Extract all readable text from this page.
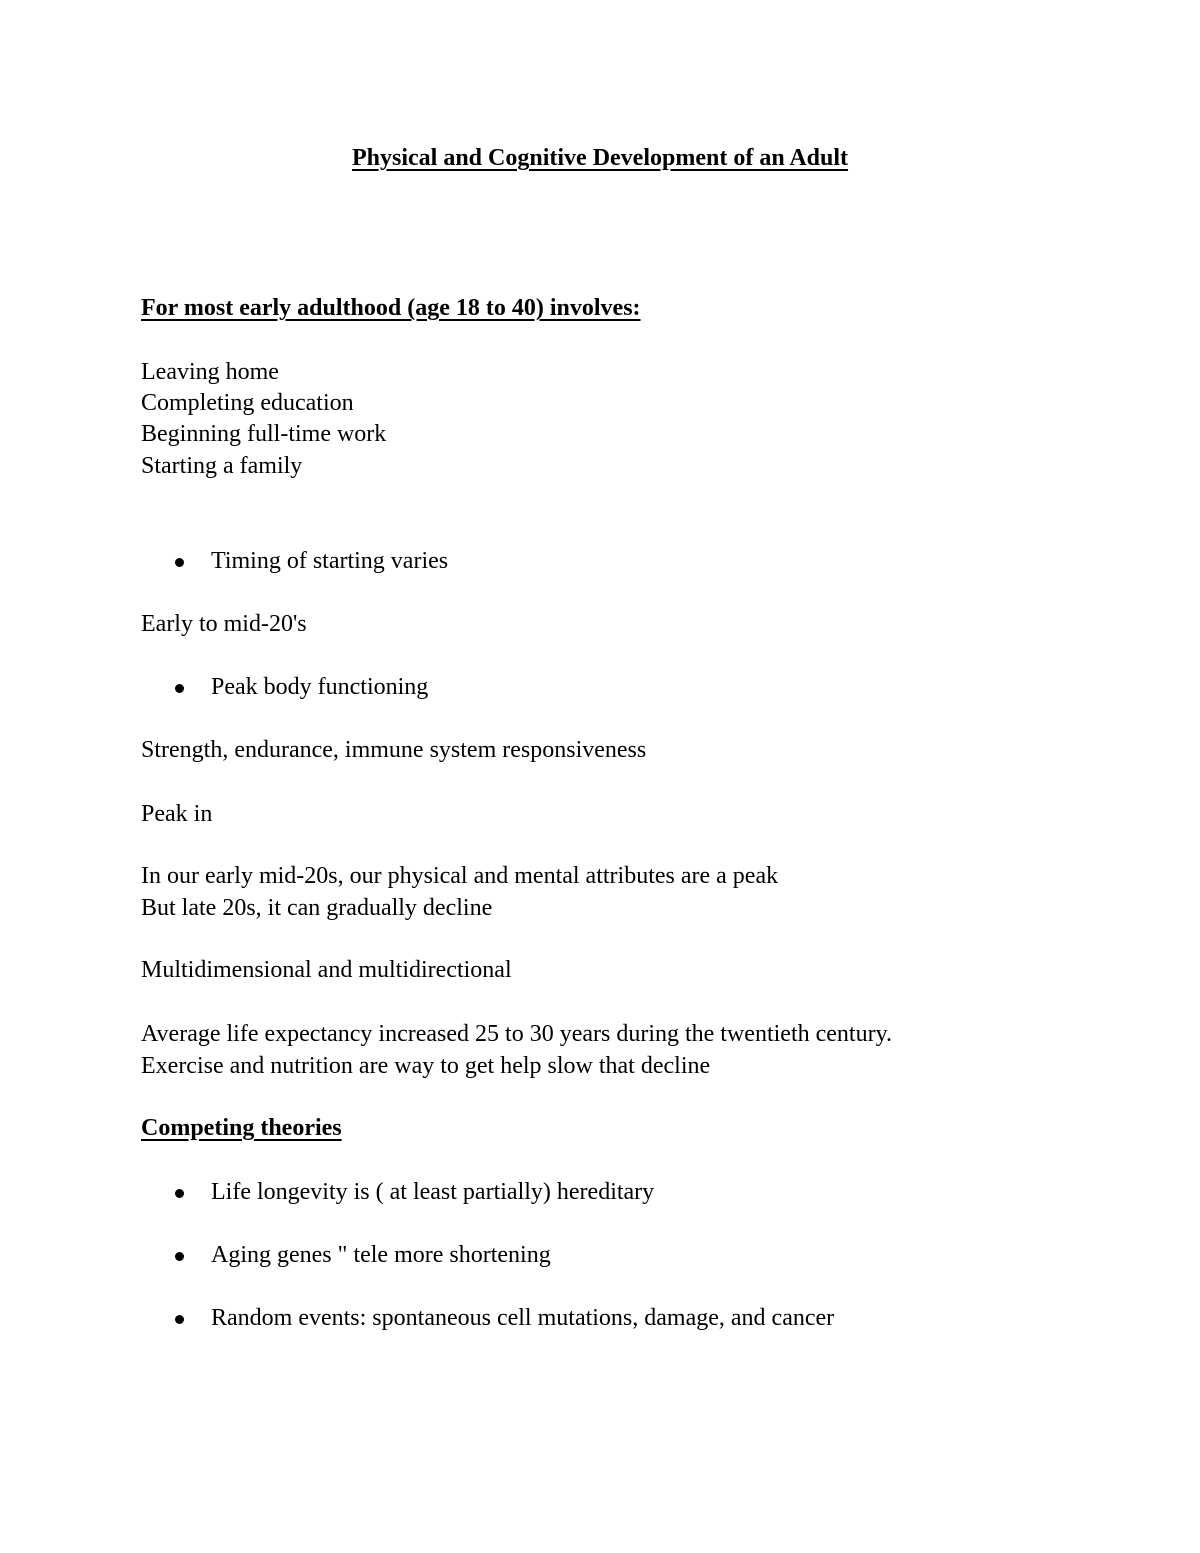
Physical and Cognitive Development of an Adult
For most early adulthood (age 18 to 40) involves:
Leaving home
Completing education
Beginning full-time work
Starting a family
Timing of starting varies
Early to mid-20's
Peak body functioning
Strength, endurance, immune system responsiveness
Peak in
In our early mid-20s, our physical and mental attributes are a peak
But late 20s, it can gradually decline
Multidimensional and multidirectional
Average life expectancy increased 25 to 30 years during the twentieth century.
Exercise and nutrition are way to get help slow that decline
Competing theories
Life longevity is ( at least partially) hereditary
Aging genes " tele more shortening
Random events: spontaneous cell mutations, damage, and cancer
